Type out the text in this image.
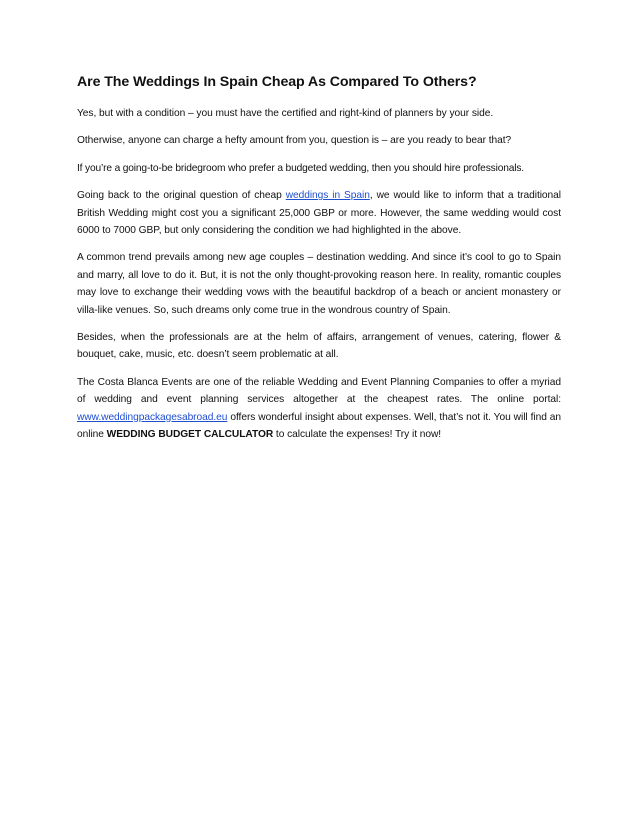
Are The Weddings In Spain Cheap As Compared To Others?

Yes, but with a condition – you must have the certified and right-kind of planners by your side.

Otherwise, anyone can charge a hefty amount from you, question is – are you ready to bear that?

If you’re a going-to-be bridegroom who prefer a budgeted wedding, then you should hire professionals.

Going back to the original question of cheap weddings in Spain, we would like to inform that a traditional British Wedding might cost you a significant 25,000 GBP or more. However, the same wedding would cost 6000 to 7000 GBP, but only considering the condition we had highlighted in the above.

A common trend prevails among new age couples – destination wedding. And since it’s cool to go to Spain and marry, all love to do it. But, it is not the only thought-provoking reason here. In reality, romantic couples may love to exchange their wedding vows with the beautiful backdrop of a beach or ancient monastery or villa-like venues. So, such dreams only come true in the wondrous country of Spain.

Besides, when the professionals are at the helm of affairs, arrangement of venues, catering, flower & bouquet, cake, music, etc. doesn’t seem problematic at all.

The Costa Blanca Events are one of the reliable Wedding and Event Planning Companies to offer a myriad of wedding and event planning services altogether at the cheapest rates. The online portal: www.weddingpackagesabroad.eu offers wonderful insight about expenses. Well, that’s not it. You will find an online WEDDING BUDGET CALCULATOR to calculate the expenses! Try it now!
